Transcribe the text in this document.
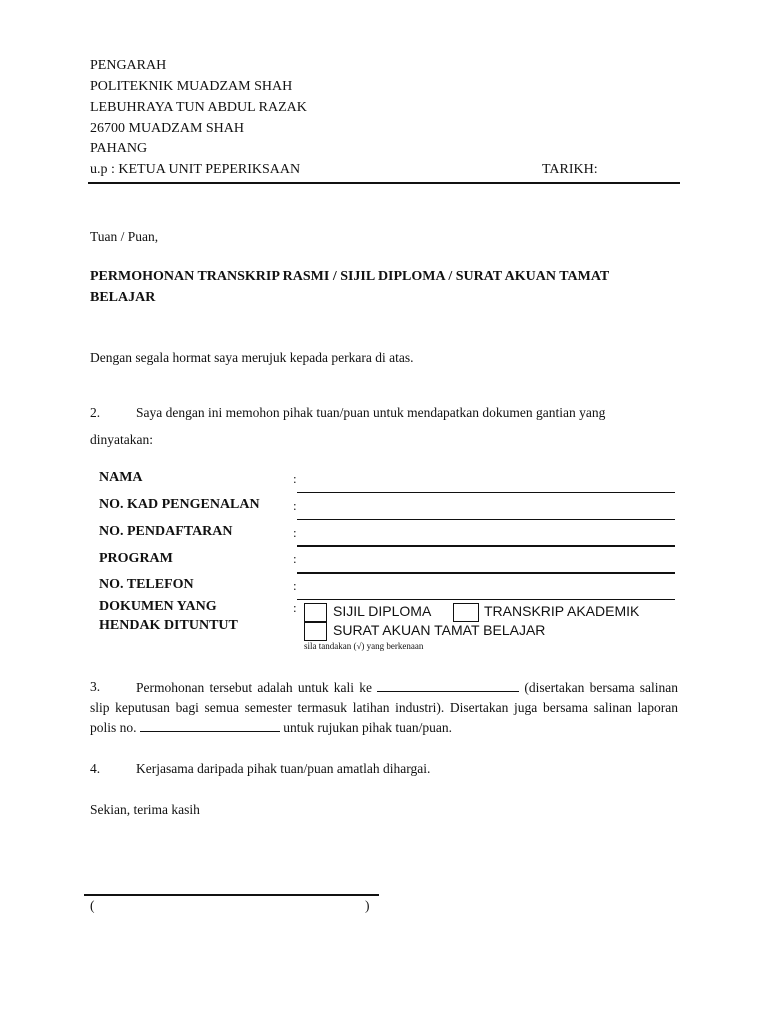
PENGARAH
POLITEKNIK MUADZAM SHAH
LEBUHRAYA TUN ABDUL RAZAK
26700 MUADZAM SHAH
PAHANG
u.p : KETUA UNIT PEPERIKSAAN	TARIKH:
Tuan / Puan,
PERMOHONAN TRANSKRIP RASMI / SIJIL DIPLOMA / SURAT AKUAN TAMAT
BELAJAR
Dengan segala hormat saya merujuk kepada perkara di atas.
2.	Saya dengan ini memohon pihak tuan/puan untuk mendapatkan dokumen gantian yang
dinyatakan:
NAMA	:
NO. KAD PENGENALAN	:
NO. PENDAFTARAN	:
PROGRAM	:
NO. TELEFON	:
DOKUMEN YANG
HENDAK DITUNTUT
:	SIJIL DIPLOMA	TRANSKRIP AKADEMIK
SURAT AKUAN TAMAT BELAJAR
sila tandakan (√) yang berkenaan
3.	Permohonan tersebut adalah untuk kali ke	(disertakan bersama salinan slip keputusan bagi semua semester termasuk latihan industri). Disertakan juga bersama salinan laporan polis no.	untuk rujukan pihak tuan/puan.
4.	Kerjasama daripada pihak tuan/puan amatlah dihargai.
Sekian, terima kasih
(	)
